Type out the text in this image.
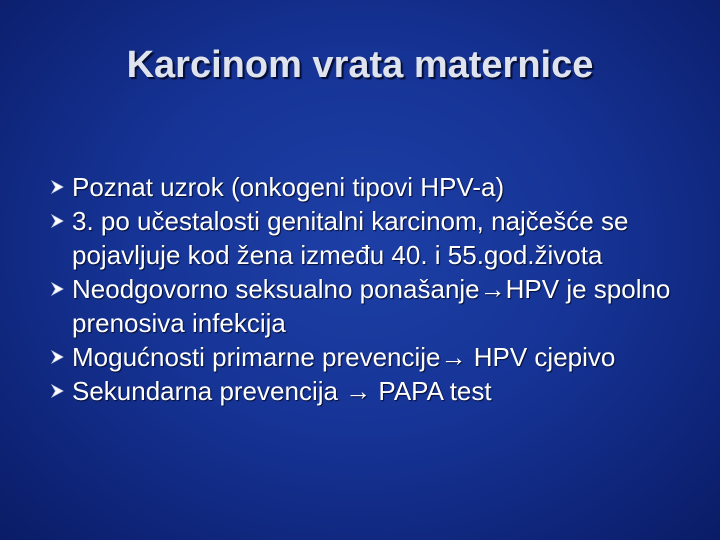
Karcinom vrata maternice
Poznat uzrok (onkogeni tipovi HPV-a)
3. po učestalosti genitalni karcinom, najčešće se pojavljuje kod žena između 40. i 55.god.života
Neodgovorno seksualno ponašanje→HPV je spolno prenosiva infekcija
Mogućnosti primarne prevencije→ HPV cjepivo
Sekundarna prevencija → PAPA test
